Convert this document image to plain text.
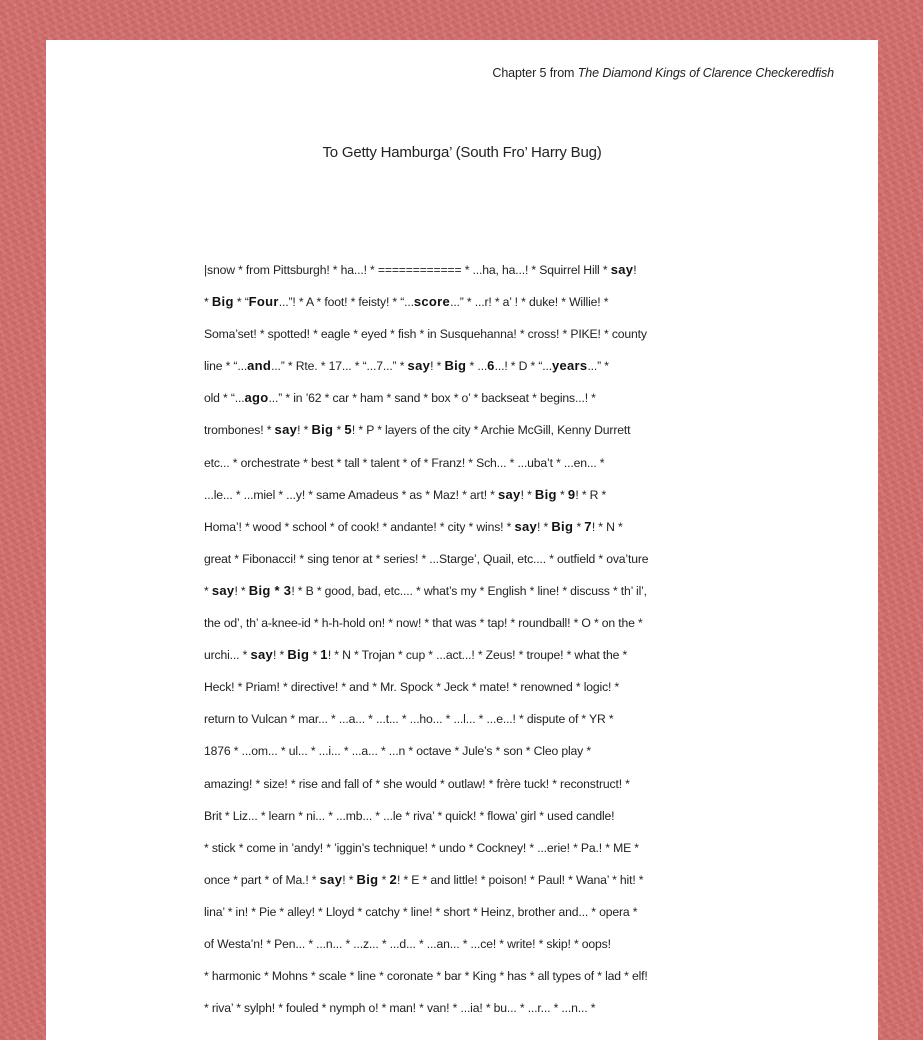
Chapter 5 from The Diamond Kings of Clarence Checkeredfish
To Getty Hamburga’ (South Fro’ Harry Bug)
|snow * from Pittsburgh! * ha...! * ============ * ...ha, ha...! * Squirrel Hill * say!
* Big * “Four...”! * A * foot! * feisty! * “...score...” * ...r! * a’ ! * duke! * Willie! *
Soma’set! * spotted! * eagle * eyed * fish * in Susquehanna! * cross! * PIKE! * county
line * “...and...” * Rte. * 17... * “...7...” * say! * Big * ...6...! * D * “...years...” *
old * “...ago...” * in ’62 * car * ham * sand * box * o’ * backseat * begins...! *
trombones! * say! * Big * 5! * P * layers of the city * Archie McGill, Kenny Durrett
etc... * orchestrate * best * tall * talent * of * Franz! * Sch... * ...uba’t * ...en... *
...le... * ...miel * ...y! * same Amadeus * as * Maz! * art! * say! * Big * 9! * R *
Homa’! * wood * school * of cook! * andante! * city * wins! * say! * Big * 7! * N *
great * Fibonacci! * sing tenor at * series! * ...Starge’, Quail, etc.... * outfield * ova’ture
* say! * Big * 3! * B * good, bad, etc.... * what’s my * English * line! * discuss * th’ il’,
the od’, th’ a-knee-id * h-h-hold on! * now! * that was * tap! * roundball! * O * on the *
urchi... * say! * Big * 1! * N * Trojan * cup * ...act...! * Zeus! * troupe! * what the *
Heck! * Priam! * directive! * and * Mr. Spock * Jeck * mate! * renowned * logic! *
return to Vulcan * mar... * ...a... * ...t... * ...ho... * ...l... * ...e...! * dispute of * YR *
1876 * ...om... * ul... * ...i... * ...a... * ...n * octave * Jule’s * son * Cleo play *
amazing! * size! * rise and fall of * she would * outlaw! * frère tuck! * reconstruct! *
Brit * Liz... * learn * ni... * ...mb... * ...le * riva’ * quick! * flowa’ girl * used candle!
* stick * come in ’andy! * ’iggin’s technique! * undo * Cockney! * ...erie! * Pa.! * ME *
once * part * of Ma.! * say! * Big * 2! * E * and little! * poison! * Paul! * Wana’ * hit! *
lina’ * in! * Pie * alley! * Lloyd * catchy * line! * short * Heinz, brother and... * opera *
of Westa’n! * Pen... * ...n... * ...z... * ...d... * ...an... * ...ce! * write! * skip! * oops!
* harmonic * Mohns * scale * line * coronate * bar * King * has * all types of * lad * elf!
* riva’ * sylph! * fouled * nymph o! * man! * van! * ...ia! * bu... * ...r... * ...n... *
